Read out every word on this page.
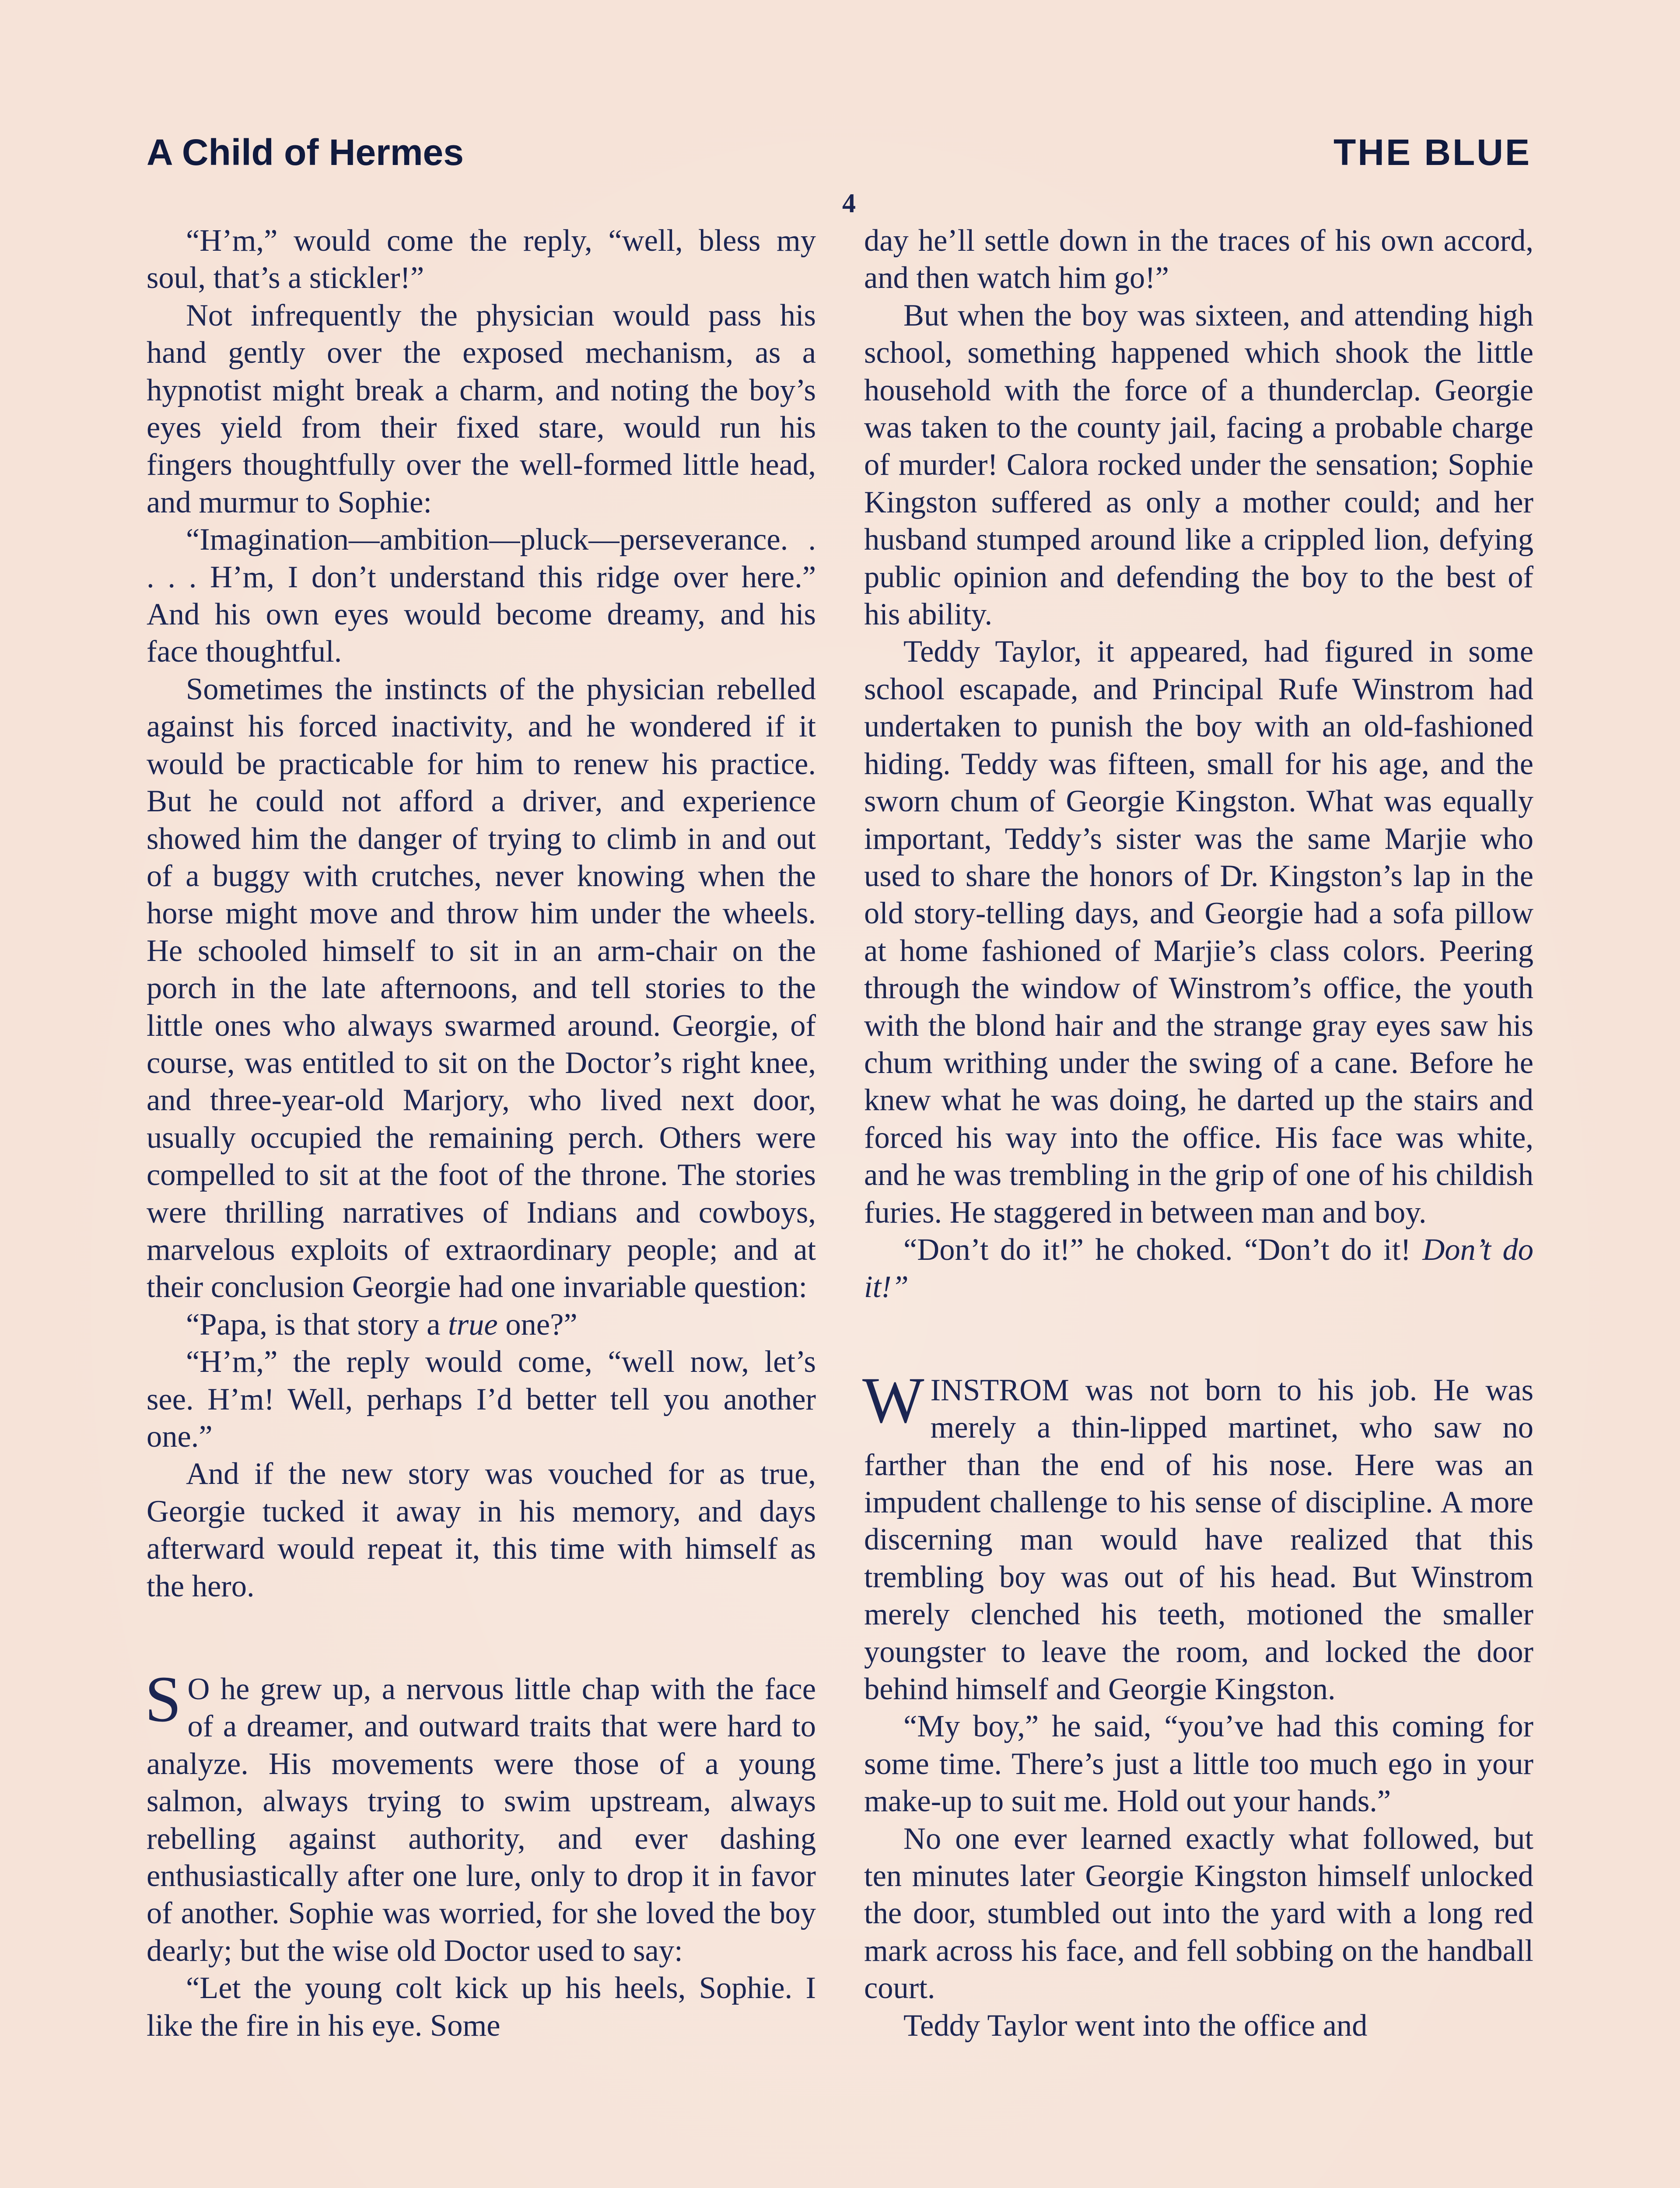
A Child of Hermes	THE BLUE
4

“H’m,” would come the reply, “well, bless my soul, that’s a stickler!”

Not infrequently the physician would pass his hand gently over the exposed mechanism, as a hypnotist might break a charm, and noting the boy’s eyes yield from their fixed stare, would run his fingers thoughtfully over the well-formed little head, and murmur to Sophie:

“Imagination—ambition—pluck—perseverance. . . . . H’m, I don’t understand this ridge over here.” And his own eyes would become dreamy, and his face thoughtful.

Sometimes the instincts of the physician rebelled against his forced inactivity, and he wondered if it would be practicable for him to renew his practice. But he could not afford a driver, and experience showed him the danger of trying to climb in and out of a buggy with crutches, never knowing when the horse might move and throw him under the wheels. He schooled himself to sit in an arm-chair on the porch in the late afternoons, and tell stories to the little ones who always swarmed around. Georgie, of course, was entitled to sit on the Doctor’s right knee, and three-year-old Marjory, who lived next door, usually occupied the remaining perch. Others were compelled to sit at the foot of the throne. The stories were thrilling narratives of Indians and cowboys, marvelous exploits of extraordinary people; and at their conclusion Georgie had one invariable question:

“Papa, is that story a true one?”

“H’m,” the reply would come, “well now, let’s see. H’m! Well, perhaps I’d better tell you another one.”

And if the new story was vouched for as true, Georgie tucked it away in his memory, and days afterward would repeat it, this time with himself as the hero.

S O he grew up, a nervous little chap with the face of a dreamer, and outward traits that were hard to analyze. His movements were those of a young salmon, always trying to swim upstream, always rebelling against authority, and ever dashing enthusiastically after one lure, only to drop it in favor of another. Sophie was worried, for she loved the boy dearly; but the wise old Doctor used to say:

“Let the young colt kick up his heels, Sophie. I like the fire in his eye. Some

day he’ll settle down in the traces of his own accord, and then watch him go!”

But when the boy was sixteen, and attending high school, something happened which shook the little household with the force of a thunderclap. Georgie was taken to the county jail, facing a probable charge of murder! Calora rocked under the sensation; Sophie Kingston suffered as only a mother could; and her husband stumped around like a crippled lion, defying public opinion and defending the boy to the best of his ability.

Teddy Taylor, it appeared, had figured in some school escapade, and Principal Rufe Winstrom had undertaken to punish the boy with an old-fashioned hiding. Teddy was fifteen, small for his age, and the sworn chum of Georgie Kingston. What was equally important, Teddy’s sister was the same Marjie who used to share the honors of Dr. Kingston’s lap in the old story-telling days, and Georgie had a sofa pillow at home fashioned of Marjie’s class colors. Peering through the window of Winstrom’s office, the youth with the blond hair and the strange gray eyes saw his chum writhing under the swing of a cane. Before he knew what he was doing, he darted up the stairs and forced his way into the office. His face was white, and he was trembling in the grip of one of his childish furies. He staggered in between man and boy.

“Don’t do it!” he choked. “Don’t do it! Don’t do it!”

WINSTROM was not born to his job. He was merely a thin-lipped martinet, who saw no farther than the end of his nose. Here was an impudent challenge to his sense of discipline. A more discerning man would have realized that this trembling boy was out of his head. But Winstrom merely clenched his teeth, motioned the smaller youngster to leave the room, and locked the door behind himself and Georgie Kingston.

“My boy,” he said, “you’ve had this coming for some time. There’s just a little too much ego in your make-up to suit me. Hold out your hands.”

No one ever learned exactly what followed, but ten minutes later Georgie Kingston himself unlocked the door, stumbled out into the yard with a long red mark across his face, and fell sobbing on the handball court.

Teddy Taylor went into the office and
